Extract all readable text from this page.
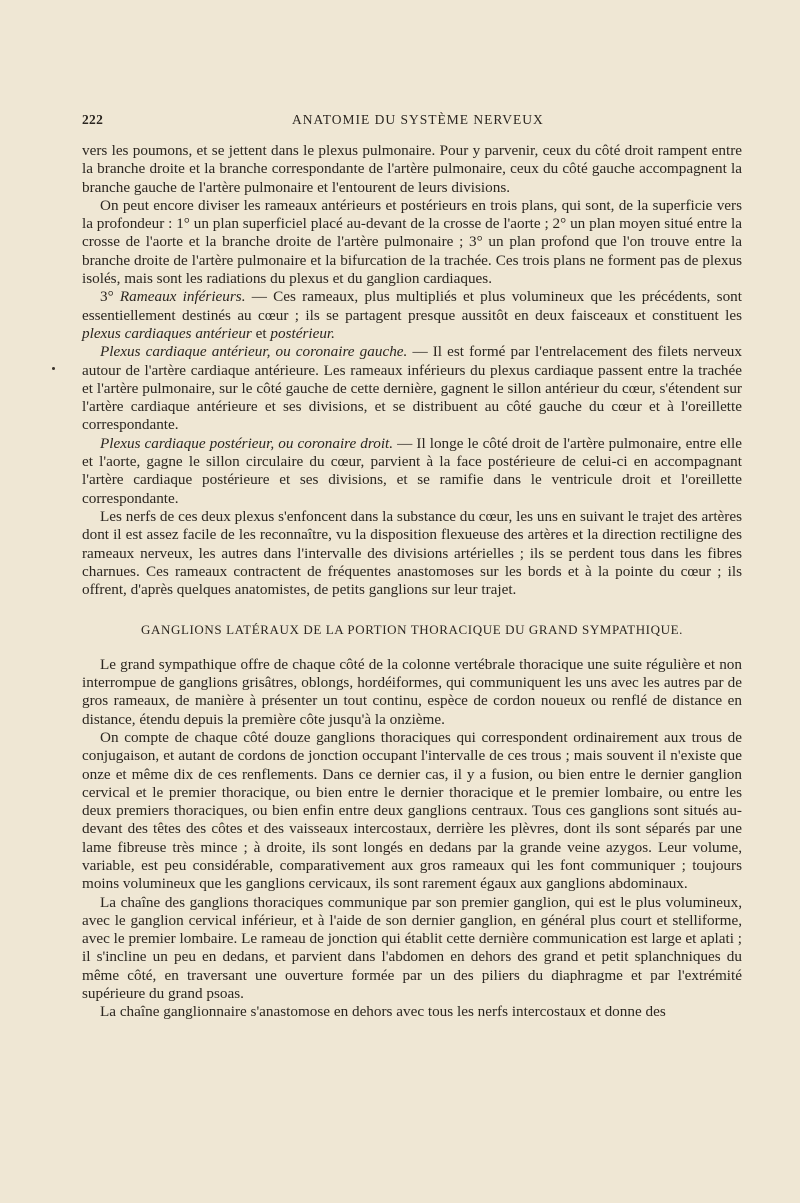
222	ANATOMIE DU SYSTÈME NERVEUX

vers les poumons, et se jettent dans le plexus pulmonaire. Pour y parvenir, ceux du côté droit rampent entre la branche droite et la branche correspondante de l'artère pulmonaire, ceux du côté gauche accompagnent la branche gauche de l'artère pulmonaire et l'entourent de leurs divisions.

On peut encore diviser les rameaux antérieurs et postérieurs en trois plans, qui sont, de la superficie vers la profondeur : 1° un plan superficiel placé au-devant de la crosse de l'aorte ; 2° un plan moyen situé entre la crosse de l'aorte et la branche droite de l'artère pulmonaire ; 3° un plan profond que l'on trouve entre la branche droite de l'artère pulmonaire et la bifurcation de la trachée. Ces trois plans ne forment pas de plexus isolés, mais sont les radiations du plexus et du ganglion cardiaques.

3° Rameaux inférieurs. — Ces rameaux, plus multipliés et plus volumineux que les précédents, sont essentiellement destinés au cœur ; ils se partagent presque aussitôt en deux faisceaux et constituent les plexus cardiaques antérieur et postérieur.

Plexus cardiaque antérieur, ou coronaire gauche. — Il est formé par l'entrelacement des filets nerveux autour de l'artère cardiaque antérieure. Les rameaux inférieurs du plexus cardiaque passent entre la trachée et l'artère pulmonaire, sur le côté gauche de cette dernière, gagnent le sillon antérieur du cœur, s'étendent sur l'artère cardiaque antérieure et ses divisions, et se distribuent au côté gauche du cœur et à l'oreillette correspondante.

Plexus cardiaque postérieur, ou coronaire droit. — Il longe le côté droit de l'artère pulmonaire, entre elle et l'aorte, gagne le sillon circulaire du cœur, parvient à la face postérieure de celui-ci en accompagnant l'artère cardiaque postérieure et ses divisions, et se ramifie dans le ventricule droit et l'oreillette correspondante.

Les nerfs de ces deux plexus s'enfoncent dans la substance du cœur, les uns en suivant le trajet des artères dont il est assez facile de les reconnaître, vu la disposition flexueuse des artères et la direction rectiligne des rameaux nerveux, les autres dans l'intervalle des divisions artérielles ; ils se perdent tous dans les fibres charnues. Ces rameaux contractent de fréquentes anastomoses sur les bords et à la pointe du cœur ; ils offrent, d'après quelques anatomistes, de petits ganglions sur leur trajet.

GANGLIONS LATÉRAUX DE LA PORTION THORACIQUE DU GRAND SYMPATHIQUE.

Le grand sympathique offre de chaque côté de la colonne vertébrale thoracique une suite régulière et non interrompue de ganglions grisâtres, oblongs, hordéiformes, qui communiquent les uns avec les autres par de gros rameaux, de manière à présenter un tout continu, espèce de cordon noueux ou renflé de distance en distance, étendu depuis la première côte jusqu'à la onzième.

On compte de chaque côté douze ganglions thoraciques qui correspondent ordinairement aux trous de conjugaison, et autant de cordons de jonction occupant l'intervalle de ces trous ; mais souvent il n'existe que onze et même dix de ces renflements. Dans ce dernier cas, il y a fusion, ou bien entre le dernier ganglion cervical et le premier thoracique, ou bien entre le dernier thoracique et le premier lombaire, ou entre les deux premiers thoraciques, ou bien enfin entre deux ganglions centraux. Tous ces ganglions sont situés au-devant des têtes des côtes et des vaisseaux intercostaux, derrière les plèvres, dont ils sont séparés par une lame fibreuse très mince ; à droite, ils sont longés en dedans par la grande veine azygos. Leur volume, variable, est peu considérable, comparativement aux gros rameaux qui les font communiquer ; toujours moins volumineux que les ganglions cervicaux, ils sont rarement égaux aux ganglions abdominaux.

La chaîne des ganglions thoraciques communique par son premier ganglion, qui est le plus volumineux, avec le ganglion cervical inférieur, et à l'aide de son dernier ganglion, en général plus court et stelliforme, avec le premier lombaire. Le rameau de jonction qui établit cette dernière communication est large et aplati ; il s'incline un peu en dedans, et parvient dans l'abdomen en dehors des grand et petit splanchniques du même côté, en traversant une ouverture formée par un des piliers du diaphragme et par l'extrémité supérieure du grand psoas.

La chaîne ganglionnaire s'anastomose en dehors avec tous les nerfs intercostaux et donne des
